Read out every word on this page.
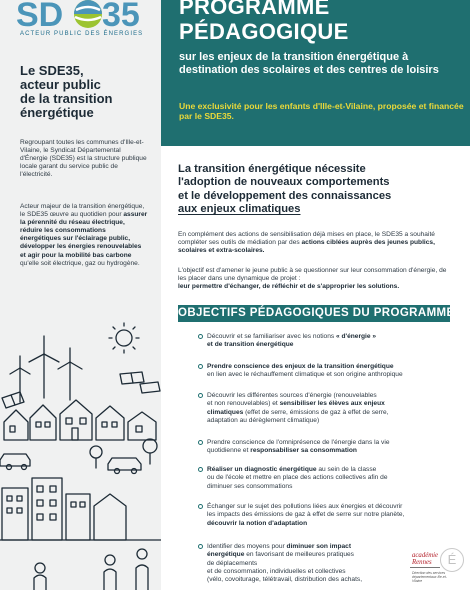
SD 35
ACTEUR PUBLIC DES ÉNERGIES
Le SDE35,
acteur public
de la transition
énergétique

Regroupant toutes les communes d'Ille-et-Vilaine, le Syndicat Départemental d'Énergie (SDE35) est la structure publique locale garant du service public de l'électricité.

Acteur majeur de la transition énergétique, le SDE35 œuvre au quotidien pour assurer la pérennité du réseau électrique, réduire les consommations énergétiques sur l'éclairage public, développer les énergies renouvelables et agir pour la mobilité bas carbone qu'elle soit électrique, gaz ou hydrogène.

PROGRAMME
PÉDAGOGIQUE
sur les enjeux de la transition énergétique à destination des scolaires et des centres de loisirs
Une exclusivité pour les enfants d'Ille-et-Vilaine, proposée et financée par le SDE35.
La transition énergétique nécessite
l'adoption de nouveaux comportements
et le développement des connaissances
aux enjeux climatiques

En complément des actions de sensibilisation déjà mises en place, le SDE35 a souhaité compléter ses outils de médiation par des actions ciblées auprès des jeunes publics, scolaires et extra-scolaires.

L'objectif est d'amener le jeune public à se questionner sur leur consommation d'énergie, de les placer dans une dynamique de projet :
leur permettre d'échanger, de réfléchir et de s'approprier les solutions.

OBJECTIFS PÉDAGOGIQUES DU PROGRAMME
Découvrir et se familiariser avec les notions « d'énergie »
et de transition énergétique
Prendre conscience des enjeux de la transition énergétique
en lien avec le réchauffement climatique et son origine anthropique
Découvrir les différentes sources d'énergie (renouvelables
et non renouvelables) et sensibiliser les élèves aux enjeux
climatiques (effet de serre, émissions de gaz à effet de serre,
adaptation au dérèglement climatique)
Prendre conscience de l'omniprésence de l'énergie dans la vie
quotidienne et responsabiliser sa consommation
Réaliser un diagnostic énergétique au sein de la classe
ou de l'école et mettre en place des actions collectives afin de
diminuer ses consommations
Échanger sur le sujet des pollutions liées aux énergies et découvrir
les impacts des émissions de gaz à effet de serre sur notre planète,
découvrir la notion d'adaptation
Identifier des moyens pour diminuer son impact
énergétique en favorisant de meilleures pratiques
de déplacements
et de consommation, individuelles et collectives
(vélo, covoiturage, télétravail, distribution des achats,
académie
Rennes
Direction des services départementaux Ille-et-Vilaine
É
